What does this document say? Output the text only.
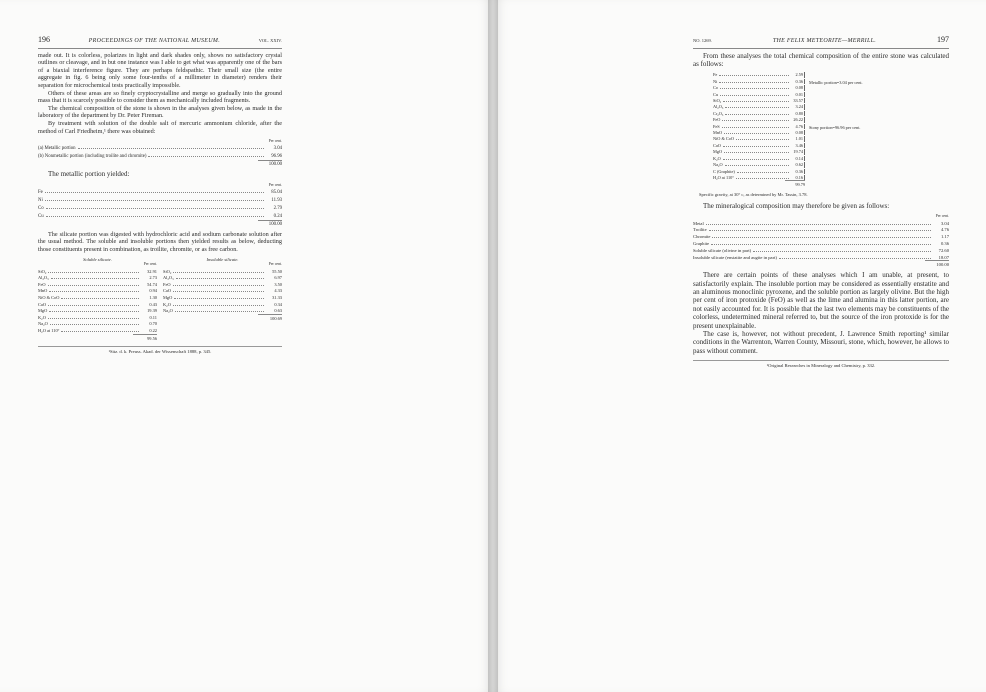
196	PROCEEDINGS OF THE NATIONAL MUSEUM.	VOL. XXIV.

made out. It is colorless, polarizes in light and dark shades only, shows no satisfactory crystal outlines or cleavage, and in but one instance was I able to get what was apparently one of the bars of a biaxial interference figure. They are perhaps feldspathic. Their small size (the entire aggregate in fig. 6 being only some four-tenths of a millimeter in diameter) renders their separation for microchemical tests practically impossible.

Others of these areas are so finely cryptocrystalline and merge so gradually into the ground mass that it is scarcely possible to consider them as mechanically included fragments.

The chemical composition of the stone is shown in the analyses given below, as made in the laboratory of the department by Dr. Peter Fireman.

By treatment with solution of the double salt of mercuric ammonium chloride, after the method of Carl Friedheim,¹ there was obtained:

Per cent.
(a) Metallic portion	3.04
(b) Nonmetallic portion (including troilite and chromite)	96.96
100.00

The metallic portion yielded:

Per cent.
Fe	85.04
Ni	11.93
Co	2.79
Cu	0.24
100.00

The silicate portion was digested with hydrochloric acid and sodium carbonate solution after the usual method. The soluble and insoluble portions then yielded results as below, deducting those constituents present in combination, as troilite, chromite, or as free carbon.

Soluble silicate.
Per cent.
SiO₂	32.91
Al₂O₃	2.73
FeO	54.74
MnO	0.94
NiO & CoO	1.30
CaO	0.43
MgO	19.39
K₂O	0.11
Na₂O	0.70
H₂O at 110°	0.22
99.56
Insoluble silicate.
Per cent.
SiO₂	55.50
Al₂O₃	6.97
FeO	3.50
CaO	4.33
MgO	31.33
K₂O	0.34
Na₂O	0.63
100.69
¹Sitz. d. k. Preuss. Akad. der Wissenschaft 1888, p. 345.
NO. 1269.	THE FELIX METEORITE—MERRILL.	197

From these analyses the total chemical composition of the entire stone was calculated as follows:

Fe	2.59
Ni	0.36
Co	0.08
Cu	0.01
SiO₂	33.57
Al₂O₃	3.24
Cr₂O₃	0.80
FeO	26.22
FeS	4.76
MnO	0.08
NiO & CoO	1.01
CaO	3.46
MgO	19.74
K₂O	0.14
Na₂O	0.62
C (Graphite)	0.36
H₂O at 110°	0.16
99.79
Metallic portion=3.04 per cent.
Stony portion=96.96 per cent.
Specific gravity, at 30° c, as determined by Mr. Tassin, 3.78.

The mineralogical composition may therefore be given as follows:

Per cent.
Metal	3.04
Troilite	4.76
Chromite	1.17
Graphite	0.36
Soluble silicate (olivine in part)	72.60
Insoluble silicate (enstatite and augite in part)	18.07
100.00

There are certain points of these analyses which I am unable, at present, to satisfactorily explain. The insoluble portion may be considered as essentially enstatite and an aluminous monoclinic pyroxene, and the soluble portion as largely olivine. But the high per cent of iron protoxide (FeO) as well as the lime and alumina in this latter portion, are not easily accounted for. It is possible that the last two elements may be constituents of the colorless, undetermined mineral referred to, but the source of the iron protoxide is for the present unexplainable.

The case is, however, not without precedent, J. Lawrence Smith reporting¹ similar conditions in the Warrenton, Warren County, Missouri, stone, which, however, he allows to pass without comment.

¹Original Researches in Mineralogy and Chemistry, p. 332.
